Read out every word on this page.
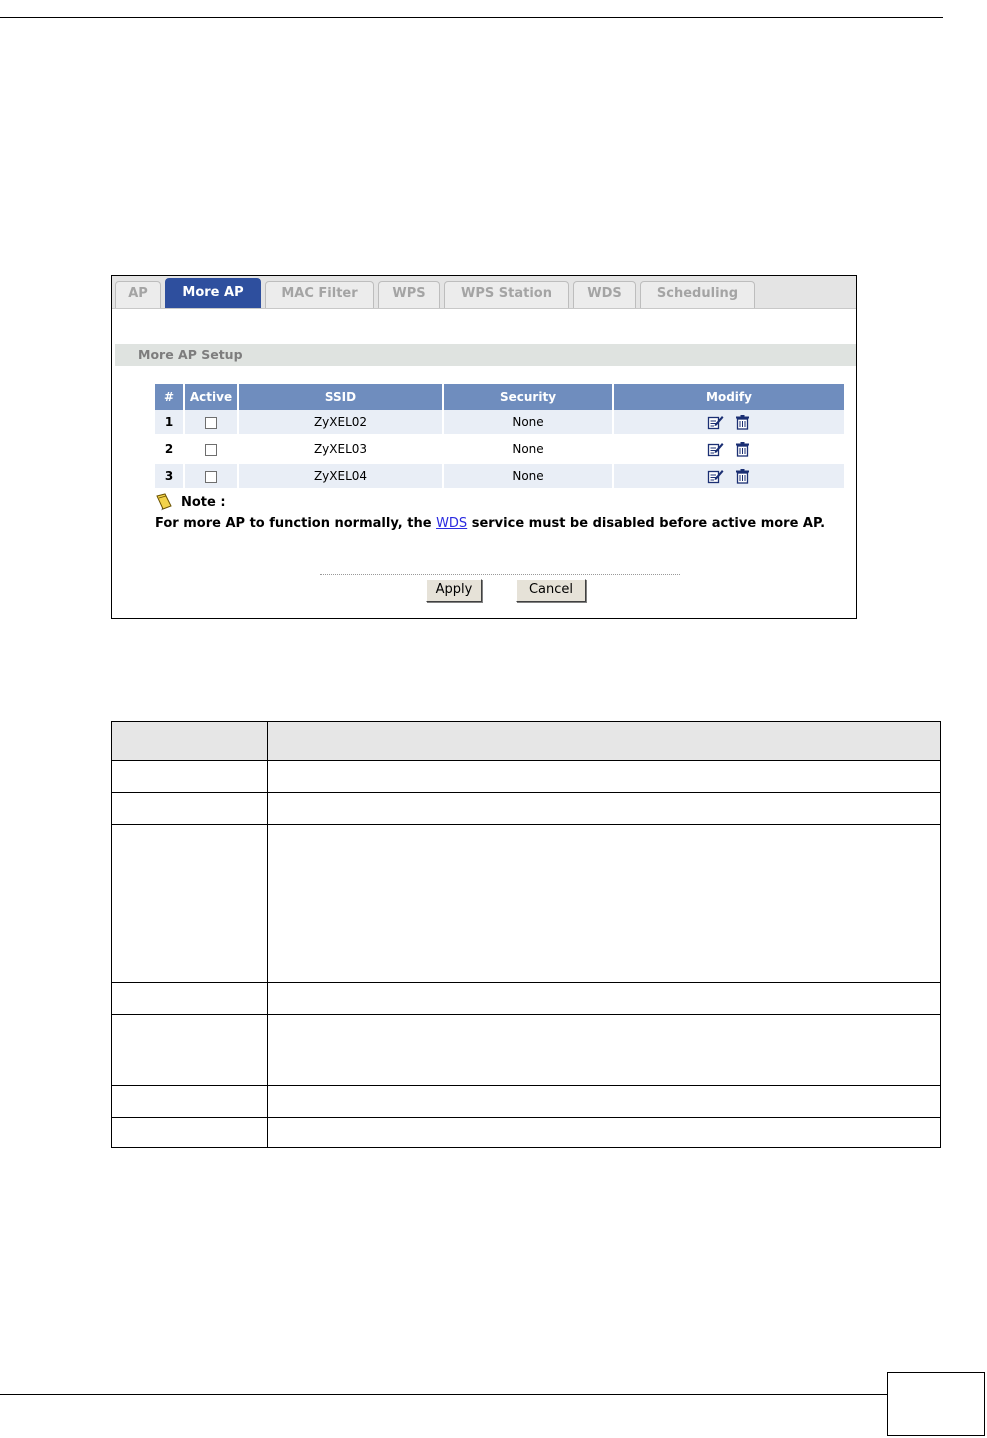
AP	More AP	MAC Filter	WPS	WPS Station	WDS	Scheduling
More AP Setup
#	Active	SSID	Security	Modify
1		ZyXEL02	None	
2		ZyXEL03	None	
3		ZyXEL04	None	
Note :
For more AP to function normally, the WDS service must be disabled before active more AP.
Apply	Cancel
